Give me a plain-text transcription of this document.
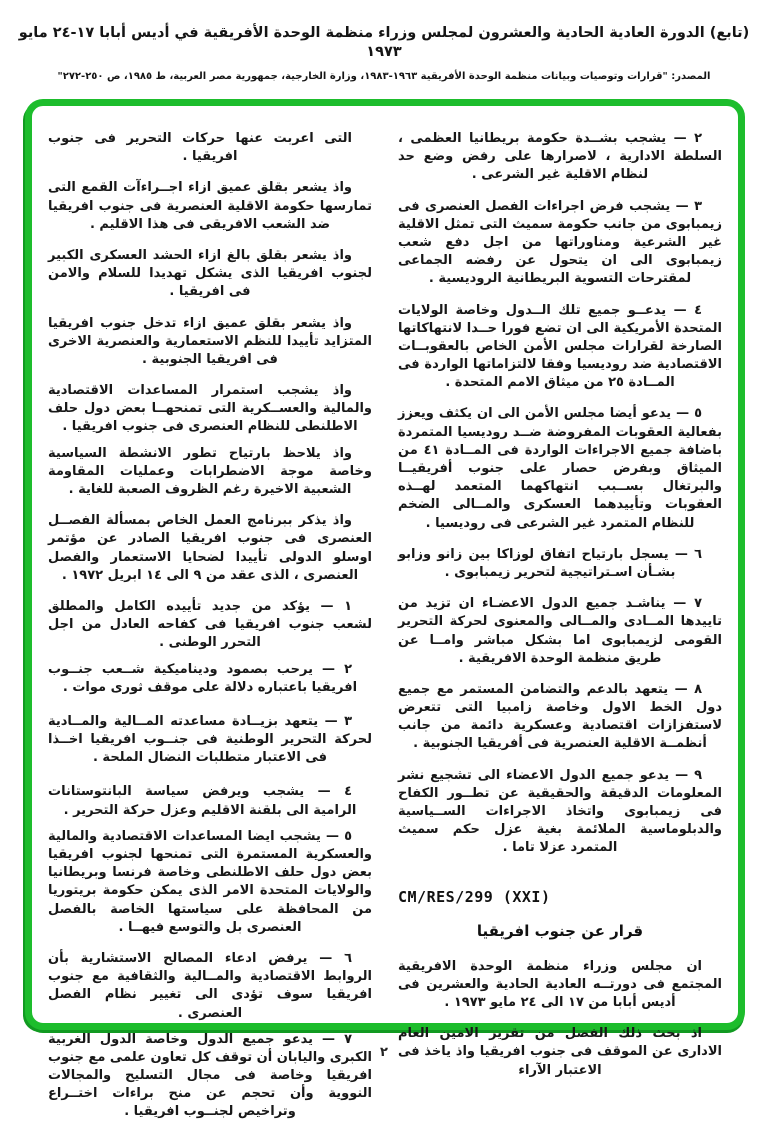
(تابع) الدورة العادية الحادية والعشرون لمجلس وزراء منظمة الوحدة الأفريقية في أديس أبابا ١٧-٢٤ مايو ١٩٧٣
المصدر: "قرارات وتوصيات وبيانات منظمة الوحدة الأفريقية ١٩٦٣-١٩٨٣، وزارة الخارجية، جمهورية مصر العربية، ط ١٩٨٥، ص ٢٥٠-٢٧٢"

٢ — يشجب بشــدة حكومة بريطانيا العظمى ، السلطة الادارية ، لاصرارها على رفض وضع حد لنظام الاقلية غير الشرعى .

٣ — يشجب فرض اجراءات الفصل العنصرى فى زيمبابوى من جانب حكومة سميث التى تمثل الاقلية غير الشرعية ومناوراتها من اجل دفع شعب زيمبابوى الى ان يتحول عن رفضه الجماعى لمقترحات التسوية البريطانية الروديسية .

٤ — يدعــو جميع تلك الــدول وخاصة الولايات المتحدة الأمريكية الى ان تضع فورا حــدا لانتهاكاتها الصارخة لقرارات مجلس الأمن الخاص بالعقوبــات الاقتصادية ضد روديسيا وفقا لالتزاماتها الواردة فى المــادة ٢٥ من ميثاق الامم المتحدة .

٥ — يدعو أيضا مجلس الأمن الى ان يكثف ويعزز بفعالية العقوبات المفروضة ضــد روديسيا المتمردة باضافة جميع الاجراءات الواردة فى المــادة ٤١ من الميثاق وبفرض حصار على جنوب أفريقيــا والبرتغال بســبب انتهاكهما المتعمد لهــذه العقوبات وتأييدهما العسكرى والمــالى الضخم للنظام المتمرد غير الشرعى فى روديسيا .

٦ — يسجل بارتياح اتفاق لوزاكا بين زانو وزابو بشـأن اسـتراتيجية لتحرير زيمبابوى .

٧ — يناشـد جميع الدول الاعضـاء ان تزيد من تاييدها المــادى والمــالى والمعنوى لحركة التحرير القومى لزيمبابوى اما بشكل مباشر وامــا عن طريق منظمة الوحدة الافريقية .

٨ — يتعهد بالدعم والتضامن المستمر مع جميع دول الخط الاول وخاصة زامبيا التى تتعرض لاستفزازات اقتصادية وعسكرية دائمة من جانب أنظمــة الاقلية العنصرية فى أفريقيا الجنوبية .

٩ — يدعو جميع الدول الاعضاء الى تشجيع نشر المعلومات الدقيقة والحقيقية عن تطــور الكفاح فى زيمبابوى واتخاذ الاجراءات الســياسية والدبلوماسية الملائمة بغية عزل حكم سميث المتمرد عزلا تاما .

CM/RES/299 (XXI)
قرار عن جنوب افريقيا

ان مجلس وزراء منظمة الوحدة الافريقية المجتمع فى دورتــه العادية الحادية والعشرين فى أديس أبابا من ١٧ الى ٢٤ مايو ١٩٧٣ .

اذ بحث ذلك الفصل من تقرير الامين العام الادارى عن الموقف فى جنوب افريقيا واذ ياخذ فى الاعتبار الآراء

التى اعربت عنها حركات التحرير فى جنوب افريقيا .

واذ يشعر بقلق عميق ازاء اجــراءآت القمع التى تمارسها حكومة الاقلية العنصرية فى جنوب افريقيا ضد الشعب الافريقى فى هذا الاقليم .

واذ يشعر بقلق بالغ ازاء الحشد العسكرى الكبير لجنوب افريقيا الذى يشكل تهديدا للسلام والامن فى افريقيا .

واذ يشعر بقلق عميق ازاء تدخل جنوب افريقيا المتزايد تأييدا للنظم الاستعمارية والعنصرية الاخرى فى افريقيا الجنوبية .

واذ يشجب استمرار المساعدات الاقتصادية والمالية والعســكرية التى تمنحهــا بعض دول حلف الاطلنطى للنظام العنصرى فى جنوب افريقيا .

واذ يلاحظ بارتياح تطور الانشطة السياسية وخاصة موجة الاضطرابات وعمليات المقاومة الشعبية الاخيرة رغم الظروف الصعبة للغاية .

واذ يذكر ببرنامج العمل الخاص بمسألة الفصــل العنصرى فى جنوب افريقيا الصادر عن مؤتمر اوسلو الدولى تأييدا لضحايا الاستعمار والفصل العنصرى ، الذى عقد من ٩ الى ١٤ ابريل ١٩٧٢ .

١ — يؤكد من جديد تأييده الكامل والمطلق لشعب جنوب افريقيا فى كفاحه العادل من اجل التحرر الوطنى .

٢ — يرحب بصمود وديناميكية شــعب جنــوب افريقيا باعتباره دلالة على موقف ثورى موات .

٣ — يتعهد بزيــادة مساعدته المــالية والمــادية لحركة التحرير الوطنية فى جنــوب افريقيا اخــذا فى الاعتبار متطلبات النضال الملحة .

٤ — يشجب ويرفض سياسة البانتوستانات الرامية الى بلقنة الاقليم وعزل حركة التحرير .

٥ — يشجب ايضا المساعدات الاقتصادية والمالية والعسكرية المستمرة التى تمنحها لجنوب افريقيا بعض دول حلف الاطلنطى وخاصة فرنسا وبريطانيا والولايات المتحدة الامر الذى يمكن حكومة بريتوريا من المحافظة على سياستها الخاصة بالفصل العنصرى بل والتوسع فيهــا .

٦ — يرفض ادعاء المصالح الاستشارية بأن الروابط الاقتصادية والمــالية والثقافية مع جنوب افريقيا سوف تؤدى الى تغيير نظام الفصل العنصرى .

٧ — يدعو جميع الدول وخاصة الدول الغربية الكبرى واليابان أن توقف كل تعاون علمى مع جنوب افريقيا وخاصة فى مجال التسليح والمجالات النووية وأن تحجم عن منح براءات اختــراع وتراخيص لجنــوب افريقيا .

٢
